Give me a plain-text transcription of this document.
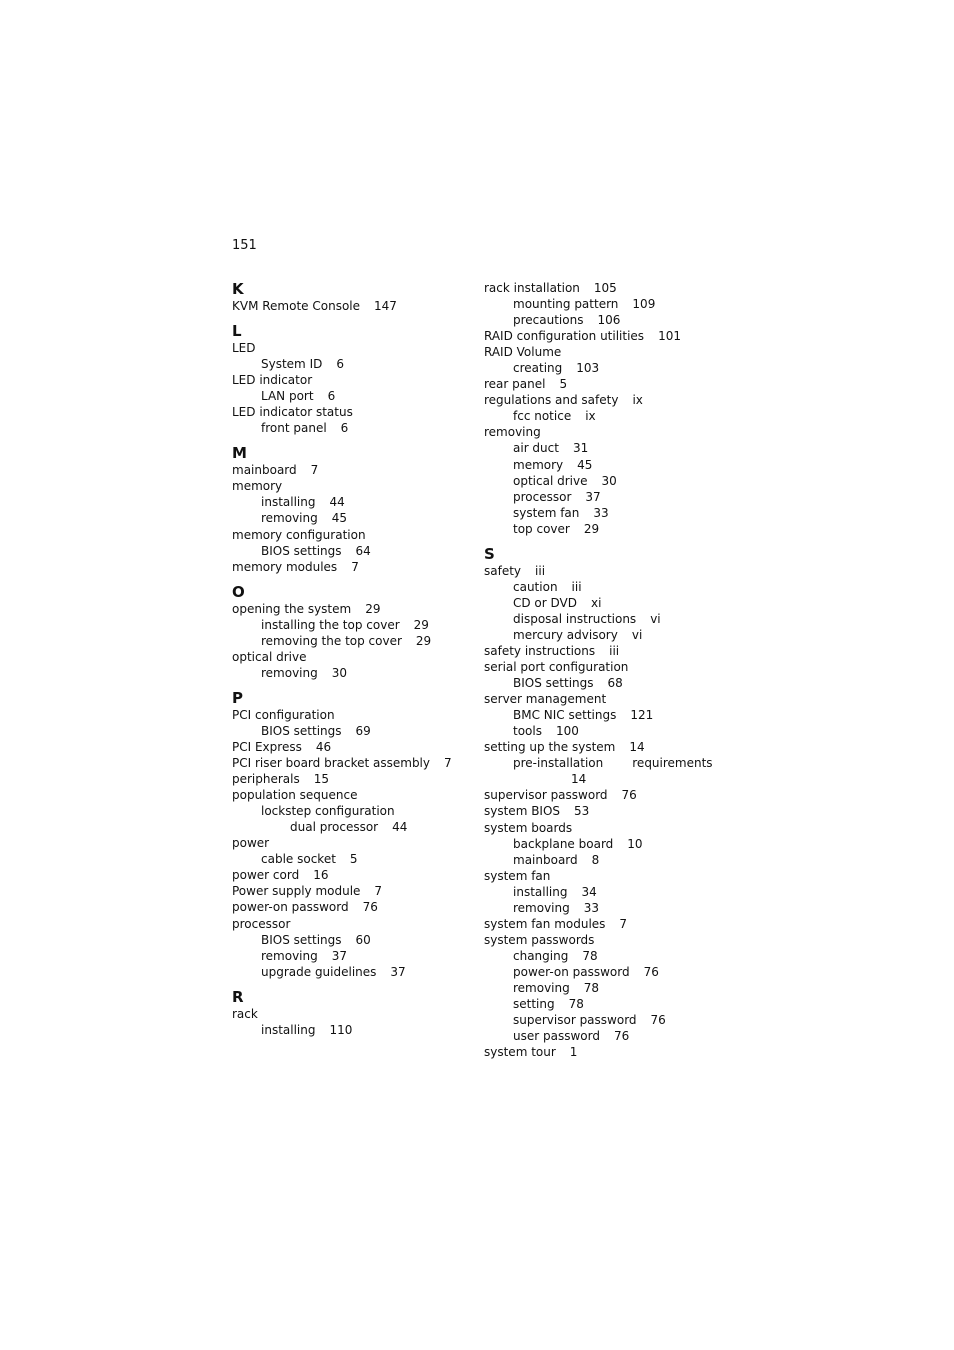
151
K
KVM Remote Console 147
L
LED
System ID 6
LED indicator
LAN port 6
LED indicator status
front panel 6
M
mainboard 7
memory
installing 44
removing 45
memory configuration
BIOS settings 64
memory modules 7
O
opening the system 29
installing the top cover 29
removing the top cover 29
optical drive
removing 30
P
PCI configuration
BIOS settings 69
PCI Express 46
PCI riser board bracket assembly 7
peripherals 15
population sequence
lockstep configuration
dual processor 44
power
cable socket 5
power cord 16
Power supply module 7
power-on password 76
processor
BIOS settings 60
removing 37
upgrade guidelines 37
R
rack
installing 110
rack installation 105
mounting pattern 109
precautions 106
RAID configuration utilities 101
RAID Volume
creating 103
rear panel 5
regulations and safety ix
fcc notice ix
removing
air duct 31
memory 45
optical drive 30
processor 37
system fan 33
top cover 29
S
safety iii
caution iii
CD or DVD xi
disposal instructions vi
mercury advisory vi
safety instructions iii
serial port configuration
BIOS settings 68
server management
BMC NIC settings 121
tools 100
setting up the system 14
pre-installation requirements
14
supervisor password 76
system BIOS 53
system boards
backplane board 10
mainboard 8
system fan
installing 34
removing 33
system fan modules 7
system passwords
changing 78
power-on password 76
removing 78
setting 78
supervisor password 76
user password 76
system tour 1
